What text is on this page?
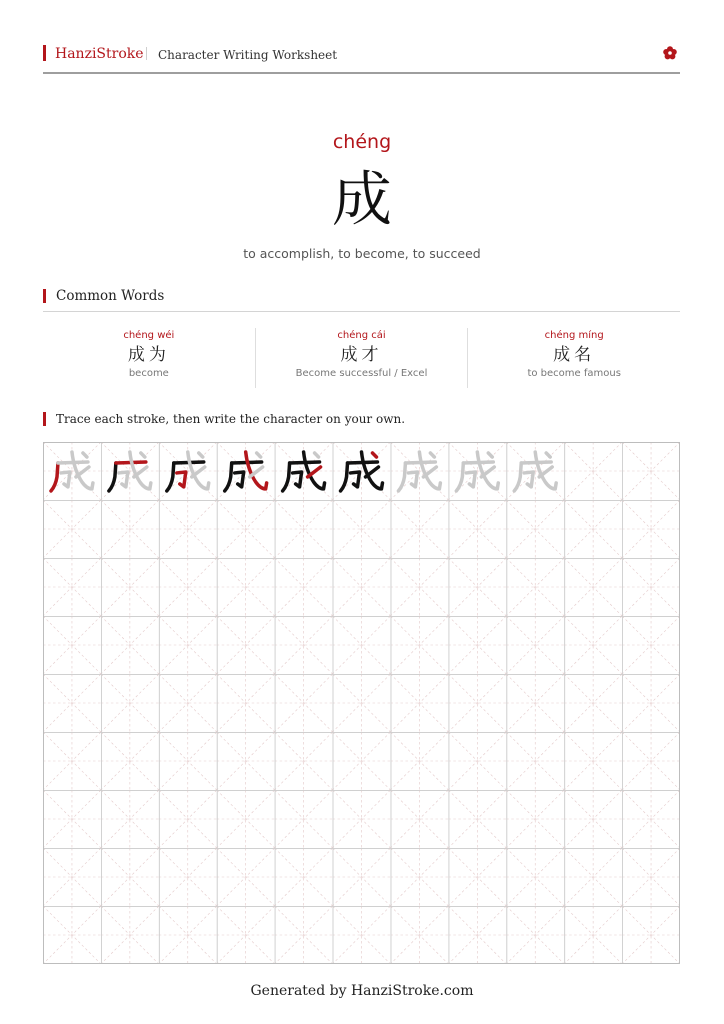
HanziStroke Character Writing Worksheet
chéng
成
to accomplish, to become, to succeed
Common Words
chéng wéi
成为
become
chéng cái
成才
Become successful / Excel
chéng míng
成名
to become famous
Trace each stroke, then write the character on your own.
Generated by HanziStroke.com
